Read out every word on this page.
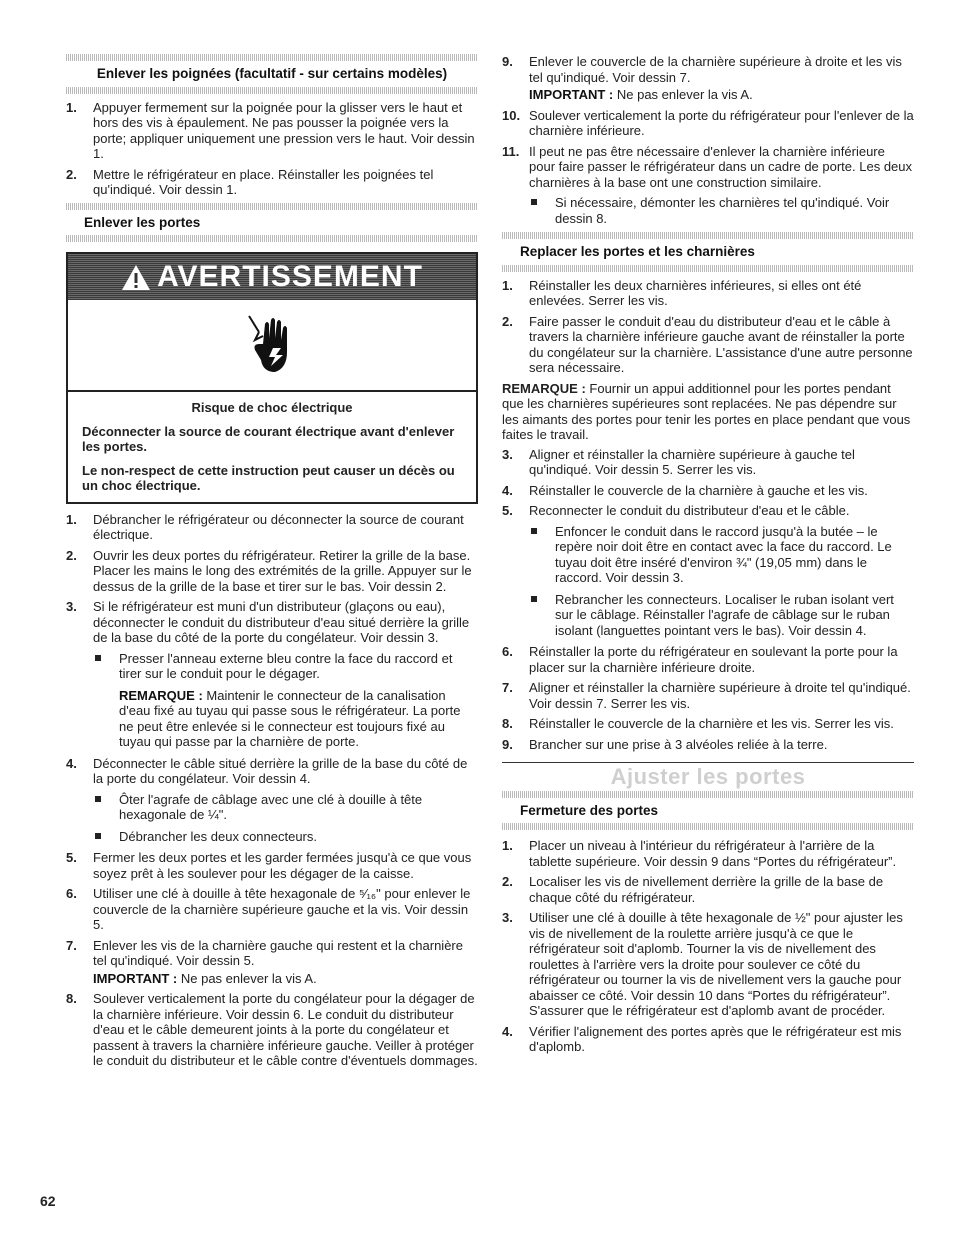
Enlever les poignées (facultatif - sur certains modèles)
1. Appuyer fermement sur la poignée pour la glisser vers le haut et hors des vis à épaulement. Ne pas pousser la poignée vers la porte; appliquer uniquement une pression vers le haut. Voir dessin 1.
2. Mettre le réfrigérateur en place. Réinstaller les poignées tel qu'indiqué. Voir dessin 1.
Enlever les portes
AVERTISSEMENT
Risque de choc électrique
Déconnecter la source de courant électrique avant d'enlever les portes.
Le non-respect de cette instruction peut causer un décès ou un choc électrique.
1. Débrancher le réfrigérateur ou déconnecter la source de courant électrique.
2. Ouvrir les deux portes du réfrigérateur. Retirer la grille de la base. Placer les mains le long des extrémités de la grille. Appuyer sur le dessus de la grille de la base et tirer sur le bas. Voir dessin 2.
3. Si le réfrigérateur est muni d'un distributeur (glaçons ou eau), déconnecter le conduit du distributeur d'eau situé derrière la grille de la base du côté de la porte du congélateur. Voir dessin 3.
Presser l'anneau externe bleu contre la face du raccord et tirer sur le conduit pour le dégager.
REMARQUE : Maintenir le connecteur de la canalisation d'eau fixé au tuyau qui passe sous le réfrigérateur. La porte ne peut être enlevée si le connecteur est toujours fixé au tuyau qui passe par la charnière de porte.
4. Déconnecter le câble situé derrière la grille de la base du côté de la porte du congélateur. Voir dessin 4.
Ôter l'agrafe de câblage avec une clé à douille à tête hexagonale de ¼".
Débrancher les deux connecteurs.
5. Fermer les deux portes et les garder fermées jusqu'à ce que vous soyez prêt à les soulever pour les dégager de la caisse.
6. Utiliser une clé à douille à tête hexagonale de ⁵⁄₁₆" pour enlever le couvercle de la charnière supérieure gauche et la vis. Voir dessin 5.
7. Enlever les vis de la charnière gauche qui restent et la charnière tel qu'indiqué. Voir dessin 5.
IMPORTANT : Ne pas enlever la vis A.
8. Soulever verticalement la porte du congélateur pour la dégager de la charnière inférieure. Voir dessin 6. Le conduit du distributeur d'eau et le câble demeurent joints à la porte du congélateur et passent à travers la charnière inférieure gauche. Veiller à protéger le conduit du distributeur et le câble contre d'éventuels dommages.
9. Enlever le couvercle de la charnière supérieure à droite et les vis tel qu'indiqué. Voir dessin 7.
IMPORTANT : Ne pas enlever la vis A.
10. Soulever verticalement la porte du réfrigérateur pour l'enlever de la charnière inférieure.
11. Il peut ne pas être nécessaire d'enlever la charnière inférieure pour faire passer le réfrigérateur dans un cadre de porte. Les deux charnières à la base ont une construction similaire.
Si nécessaire, démonter les charnières tel qu'indiqué. Voir dessin 8.
Replacer les portes et les charnières
1. Réinstaller les deux charnières inférieures, si elles ont été enlevées. Serrer les vis.
2. Faire passer le conduit d'eau du distributeur d'eau et le câble à travers la charnière inférieure gauche avant de réinstaller la porte du congélateur sur la charnière. L'assistance d'une autre personne sera nécessaire.

REMARQUE : Fournir un appui additionnel pour les portes pendant que les charnières supérieures sont replacées. Ne pas dépendre sur les aimants des portes pour tenir les portes en place pendant que vous faites le travail.

3. Aligner et réinstaller la charnière supérieure à gauche tel qu'indiqué. Voir dessin 5. Serrer les vis.
4. Réinstaller le couvercle de la charnière à gauche et les vis.
5. Reconnecter le conduit du distributeur d'eau et le câble.
Enfoncer le conduit dans le raccord jusqu'à la butée – le repère noir doit être en contact avec la face du raccord. Le tuyau doit être inséré d'environ ¾" (19,05 mm) dans le raccord. Voir dessin 3.
Rebrancher les connecteurs. Localiser le ruban isolant vert sur le câblage. Réinstaller l'agrafe de câblage sur le ruban isolant (languettes pointant vers le bas). Voir dessin 4.
6. Réinstaller la porte du réfrigérateur en soulevant la porte pour la placer sur la charnière inférieure droite.
7. Aligner et réinstaller la charnière supérieure à droite tel qu'indiqué. Voir dessin 7. Serrer les vis.
8. Réinstaller le couvercle de la charnière et les vis. Serrer les vis.
9. Brancher sur une prise à 3 alvéoles reliée à la terre.
Ajuster les portes
Fermeture des portes
1. Placer un niveau à l'intérieur du réfrigérateur à l'arrière de la tablette supérieure. Voir dessin 9 dans “Portes du réfrigérateur”.
2. Localiser les vis de nivellement derrière la grille de la base de chaque côté du réfrigérateur.
3. Utiliser une clé à douille à tête hexagonale de ½" pour ajuster les vis de nivellement de la roulette arrière jusqu'à ce que le réfrigérateur soit d'aplomb. Tourner la vis de nivellement des roulettes à l'arrière vers la droite pour soulever ce côté du réfrigérateur ou tourner la vis de nivellement vers la gauche pour abaisser ce côté. Voir dessin 10 dans “Portes du réfrigérateur”. S'assurer que le réfrigérateur est d'aplomb avant de procéder.
4. Vérifier l'alignement des portes après que le réfrigérateur est mis d'aplomb.
62
